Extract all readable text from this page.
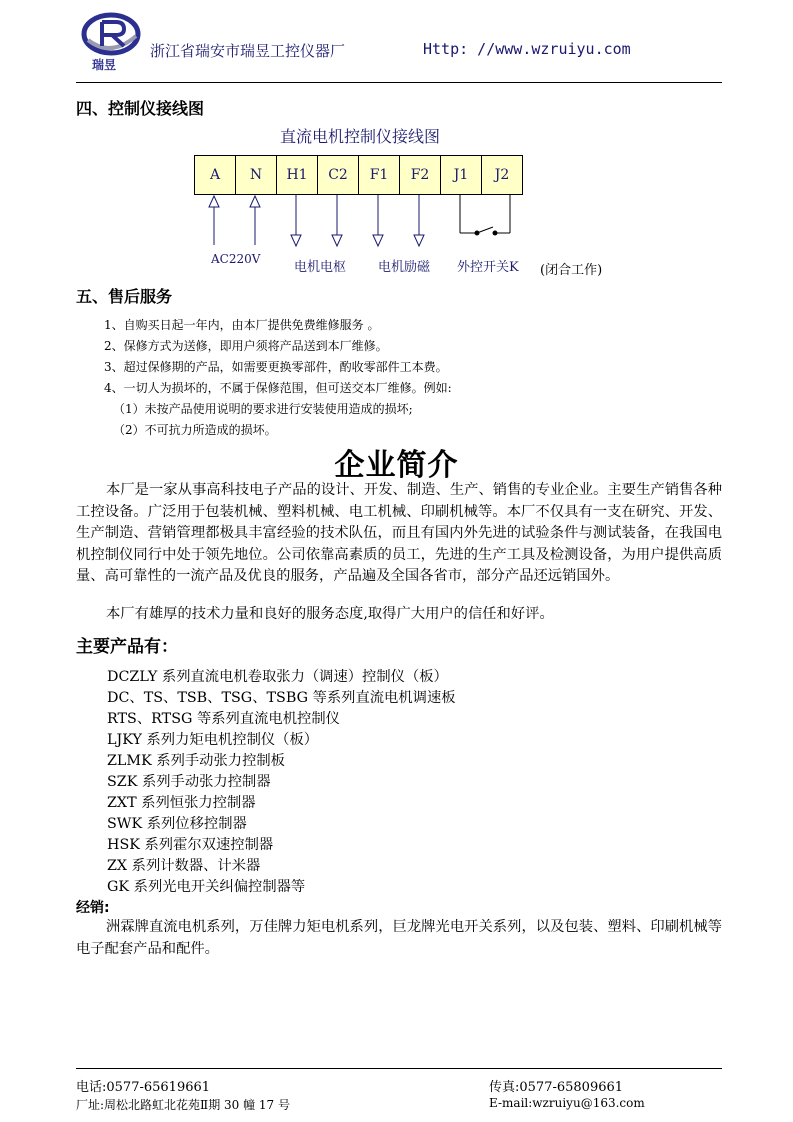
瑞昱
浙江省瑞安市瑞昱工控仪器厂	Http: //www.wzruiyu.com
四、控制仪接线图
直流电机控制仪接线图
A	N	H1	C2	F1	F2	J1	J2
AC220V
电机电枢 电机励磁 外控开关K (闭合工作)
五、售后服务
1、自购买日起一年内，由本厂提供免费维修服务 。
2、保修方式为送修，即用户须将产品送到本厂维修。
3、超过保修期的产品，如需要更换零部件，酌收零部件工本费。
4、一切人为损坏的，不属于保修范围，但可送交本厂维修。例如:
（1）未按产品使用说明的要求进行安装使用造成的损坏;
（2）不可抗力所造成的损坏。
企业简介
本厂是一家从事高科技电子产品的设计、开发、制造、生产、销售的专业企业。主要生产销售各种工控设备。广泛用于包装机械、塑料机械、电工机械、印刷机械等。本厂不仅具有一支在研究、开发、生产制造、营销管理都极具丰富经验的技术队伍，而且有国内外先进的试验条件与测试装备，在我国电机控制仪同行中处于领先地位。公司依靠高素质的员工，先进的生产工具及检测设备，为用户提供高质量、高可靠性的一流产品及优良的服务，产品遍及全国各省市，部分产品还远销国外。
本厂有雄厚的技术力量和良好的服务态度,取得广大用户的信任和好评。
主要产品有：
DCZLY 系列直流电机卷取张力（调速）控制仪（板）
DC、TS、TSB、TSG、TSBG 等系列直流电机调速板
RTS、RTSG 等系列直流电机控制仪
LJKY 系列力矩电机控制仪（板）
ZLMK 系列手动张力控制板
SZK 系列手动张力控制器
ZXT 系列恒张力控制器
SWK 系列位移控制器
HSK 系列霍尔双速控制器
ZX 系列计数器、计米器
GK 系列光电开关纠偏控制器等
经销:
洲霖牌直流电机系列，万佳牌力矩电机系列，巨龙牌光电开关系列，以及包装、塑料、印刷机械等电子配套产品和配件。
电话:0577-65619661	传真:0577-65809661
厂址:周松北路虹北花苑Ⅱ期 30 幢 17 号	E-mail:wzruiyu@163.com
